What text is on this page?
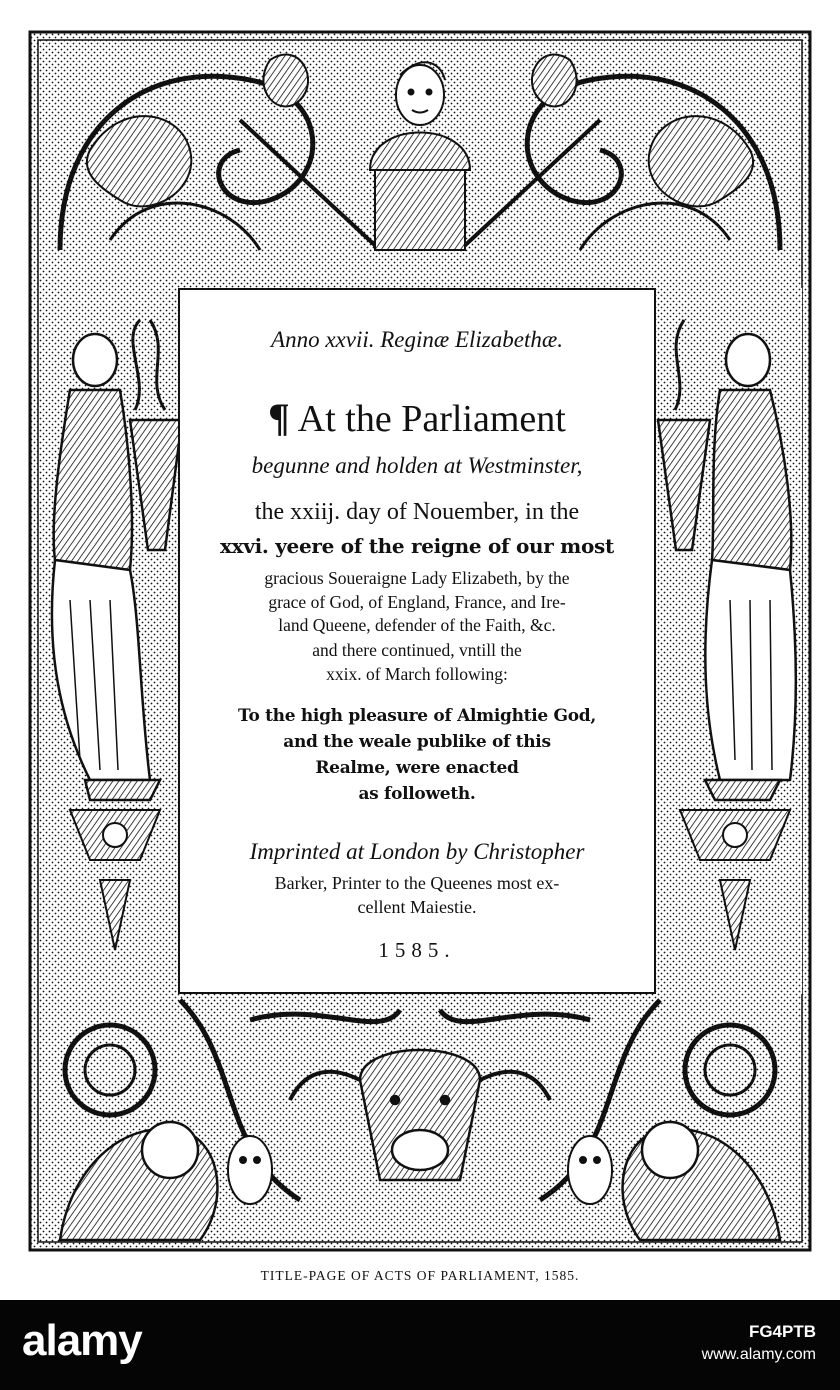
Anno xxvii. Reginæ Elizabethæ.
¶ At the Parliament
begunne and holden at Westminster,
the xxiij. day of Nouember, in the
xxvi. yeere of the reigne of our most
gracious Soueraigne Lady Elizabeth, by the
grace of God, of England, France, and Ire-
land Queene, defender of the Faith, &c.
and there continued, vntill the
xxix. of March following:
To the high pleasure of Almightie God,
and the weale publike of this
Realme, were enacted
as followeth.
Imprinted at London by Christopher
Barker, Printer to the Queenes most ex-
cellent Maiestie.
1585.
TITLE-PAGE OF ACTS OF PARLIAMENT, 1585.
alamy	FG4PTB
www.alamy.com
